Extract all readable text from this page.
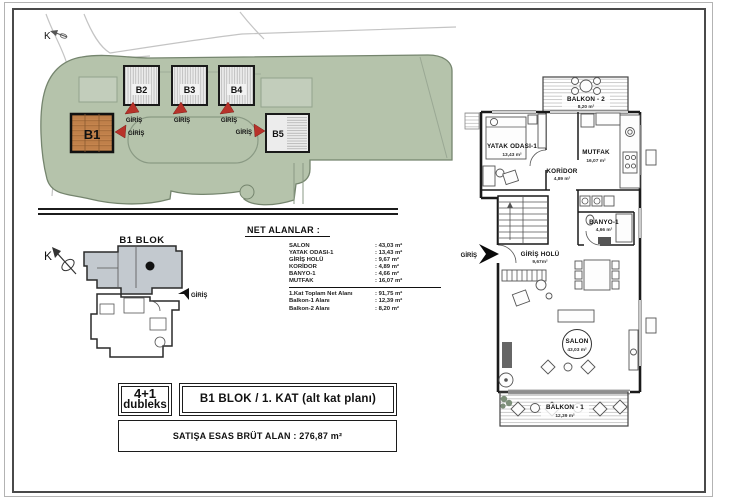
K
B2	B3	B4
B5
B1
GİRİŞ	GİRİŞ	GİRİŞ
GİRİŞ	GİRİŞ
B1 BLOK
K
GİRİŞ
NET ALANLAR :
SALON	: 43,03 m²
YATAK ODASI-1	: 13,43 m²
GİRİŞ HOLÜ	: 9,67 m²
KORİDOR	: 4,89 m²
BANYO-1	: 4,66 m²
MUTFAK	: 16,07 m²
1.Kat Toplam Net Alanı	: 91,75 m²
Balkon-1 Alanı	: 12,39 m²
Balkon-2 Alanı	: 8,20 m²
4+1
dubleks
B1 BLOK / 1. KAT (alt kat planı)
SATIŞA ESAS BRÜT ALAN : 276,87 m²
BALKON - 2
8,20 m²
BALKON - 1
12,39 m²
GİRİŞ
YATAK ODASI-1
13,43 m²	MUTFAK
16,07 m²
KORİDOR
4,89 m²
BANYO-1
4,66 m²
GİRİŞ HOLÜ
9,67m²
SALON
43,03 m²
